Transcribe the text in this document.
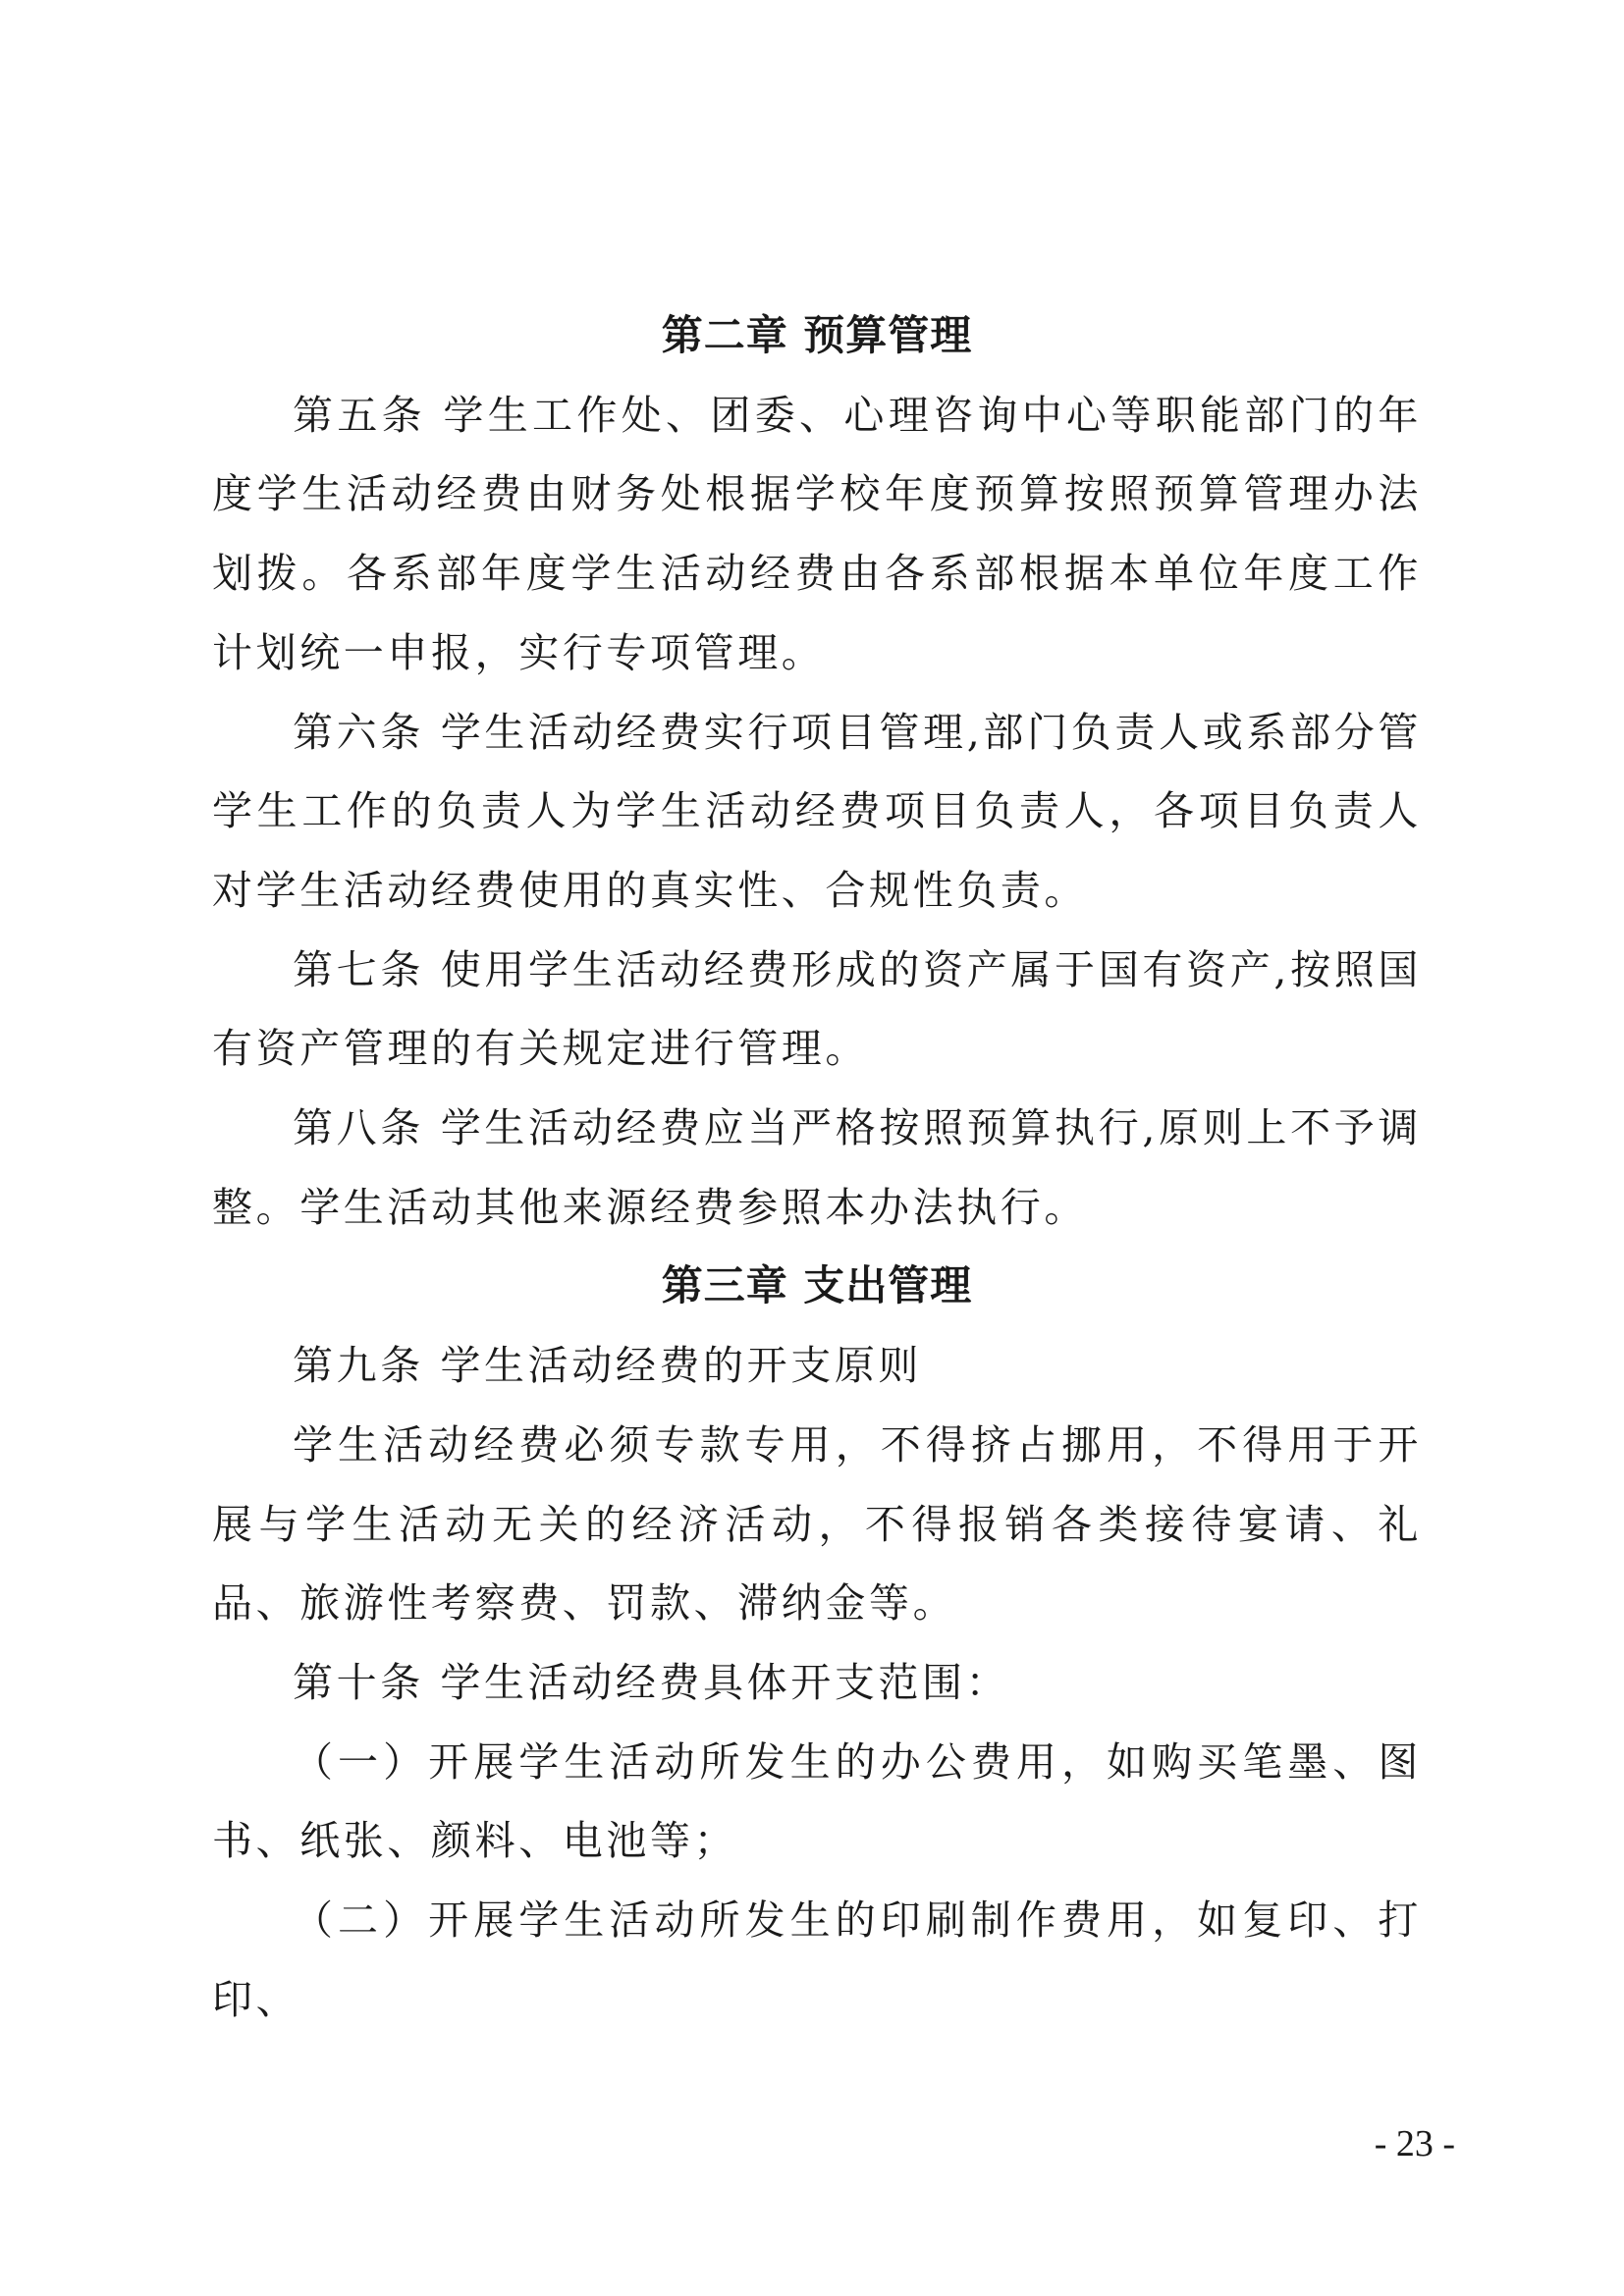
第二章 预算管理

第五条 学生工作处、团委、心理咨询中心等职能部门的年度学生活动经费由财务处根据学校年度预算按照预算管理办法划拨。各系部年度学生活动经费由各系部根据本单位年度工作计划统一申报，实行专项管理。

第六条 学生活动经费实行项目管理,部门负责人或系部分管学生工作的负责人为学生活动经费项目负责人，各项目负责人对学生活动经费使用的真实性、合规性负责。

第七条 使用学生活动经费形成的资产属于国有资产,按照国有资产管理的有关规定进行管理。

第八条 学生活动经费应当严格按照预算执行,原则上不予调整。学生活动其他来源经费参照本办法执行。

第三章 支出管理

第九条 学生活动经费的开支原则

学生活动经费必须专款专用，不得挤占挪用，不得用于开展与学生活动无关的经济活动，不得报销各类接待宴请、礼品、旅游性考察费、罚款、滞纳金等。

第十条 学生活动经费具体开支范围：

（一）开展学生活动所发生的办公费用，如购买笔墨、图书、纸张、颜料、电池等；

（二）开展学生活动所发生的印刷制作费用，如复印、打印、

- 23 -
